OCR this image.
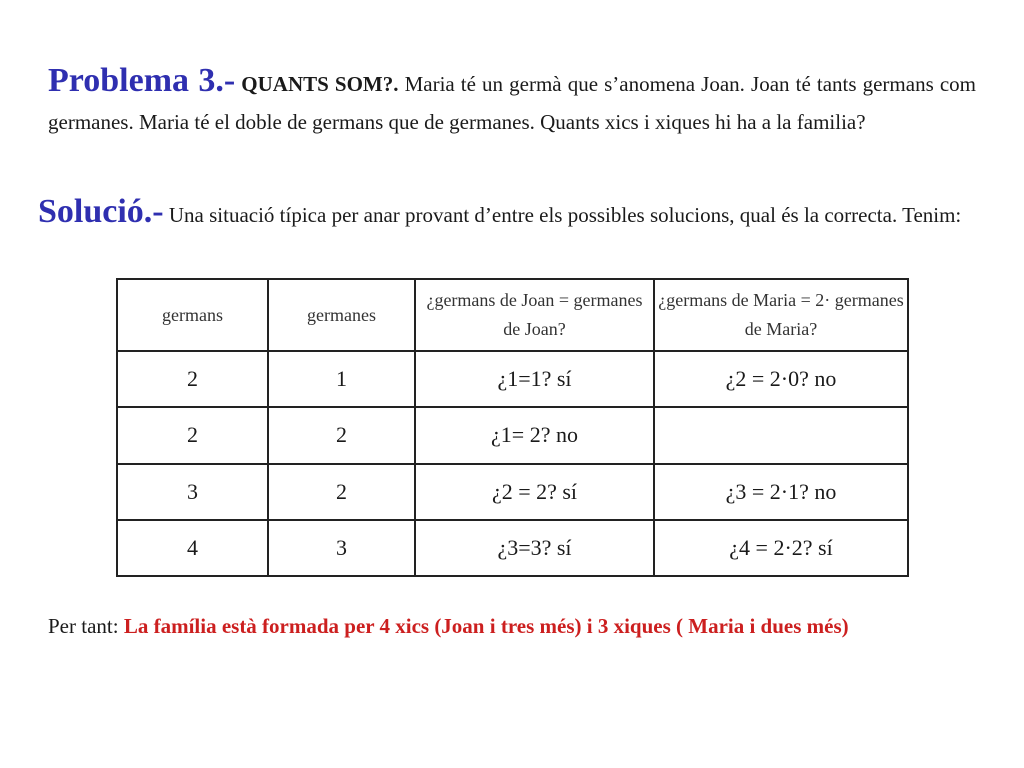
Problema 3.- QUANTS SOM?. Maria té un germà que s’anomena Joan. Joan té tants germans com germanes. Maria té el doble de germans que de germanes. Quants xics i xiques hi ha a la familia?
Solució.- Una situació típica per anar provant d’entre els possibles solucions, qual és la correcta. Tenim:
germans	germanes	¿germans de Joan = germanes de Joan?	¿germans de Maria = 2· germanes de Maria?
2	1	¿1=1? sí	¿2 = 2·0? no
2	2	¿1= 2? no	
3	2	¿2 = 2? sí	¿3 = 2·1? no
4	3	¿3=3? sí	¿4 = 2·2? sí
Per tant: La família està formada per 4 xics (Joan i tres més) i 3 xiques ( Maria i dues més)
